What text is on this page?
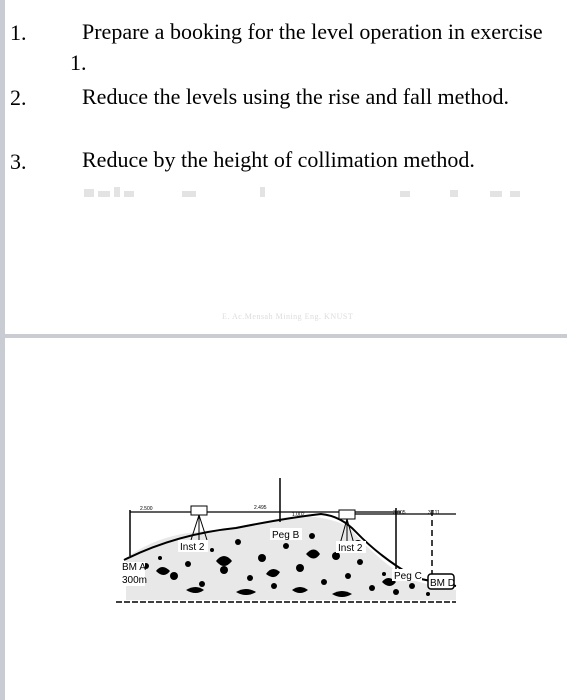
1.	Prepare a booking for the level operation in exercise 1.
2.	Reduce the levels using the rise and fall method.
3.	Reduce by the height of collimation method.
E. Ac.Mensah Mining Eng. KNUST
2.500	2.495
1.002	3.005	3.111
Inst 2
Peg B
Inst 2
BM A
300m	Peg C
BM D
